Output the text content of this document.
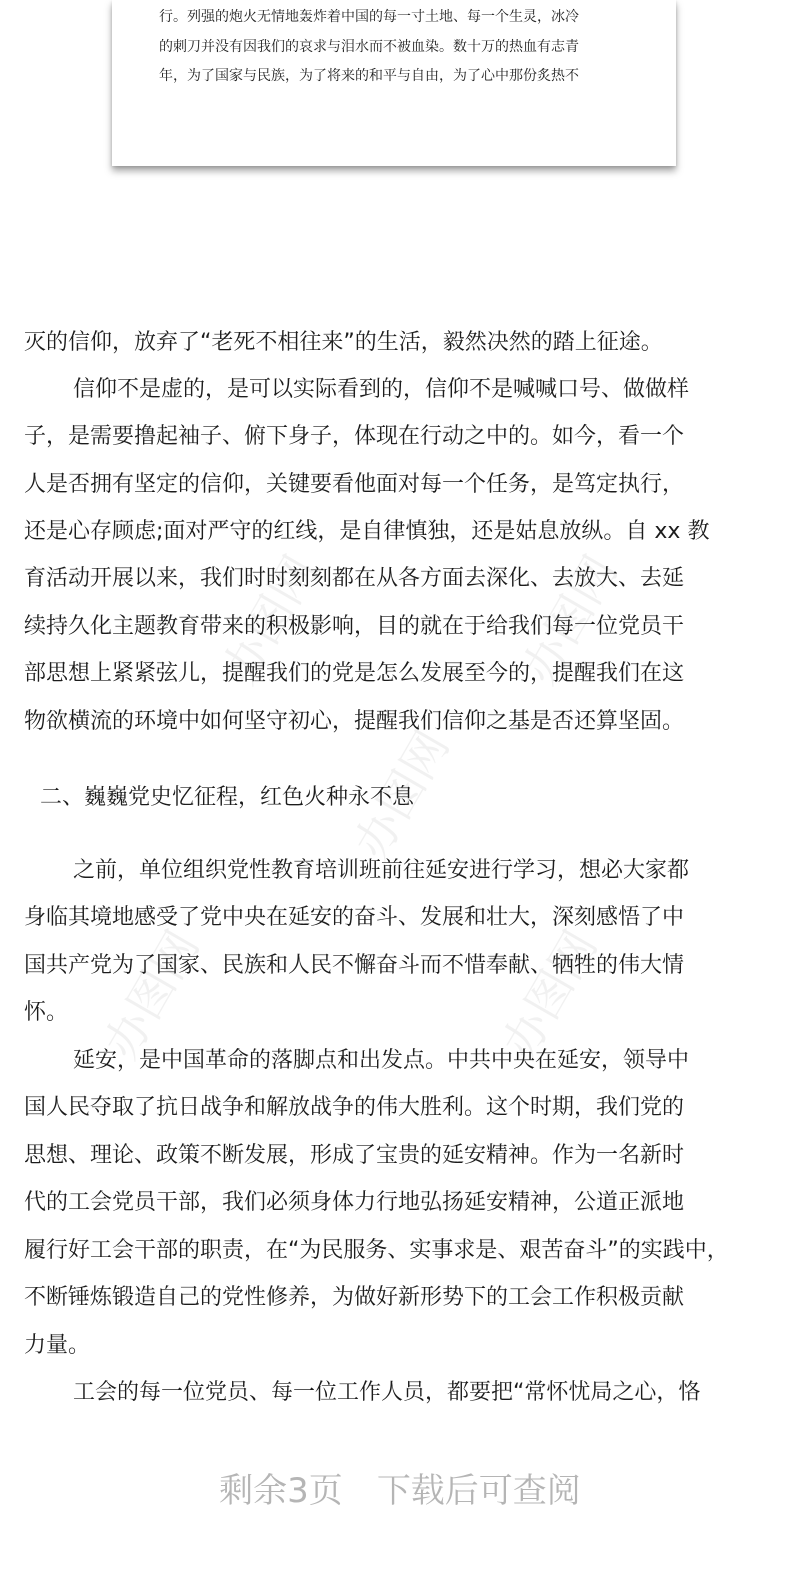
行。列强的炮火无情地轰炸着中国的每一寸土地、每一个生灵，冰冷
的刺刀并没有因我们的哀求与泪水而不被血染。数十万的热血有志青
年，为了国家与民族，为了将来的和平与自由，为了心中那份炙热不
办图网	办图网
办图网
办图网	办图网
灭的信仰，放弃了“老死不相往来”的生活，毅然决然的踏上征途。
信仰不是虚的，是可以实际看到的，信仰不是喊喊口号、做做样
子，是需要撸起袖子、俯下身子，体现在行动之中的。如今，看一个
人是否拥有坚定的信仰，关键要看他面对每一个任务，是笃定执行，
还是心存顾虑;面对严守的红线，是自律慎独，还是姑息放纵。自 xx 教
育活动开展以来，我们时时刻刻都在从各方面去深化、去放大、去延
续持久化主题教育带来的积极影响，目的就在于给我们每一位党员干
部思想上紧紧弦儿，提醒我们的党是怎么发展至今的，提醒我们在这
物欲横流的环境中如何坚守初心，提醒我们信仰之基是否还算坚固。
二、巍巍党史忆征程，红色火种永不息
之前，单位组织党性教育培训班前往延安进行学习，想必大家都
身临其境地感受了党中央在延安的奋斗、发展和壮大，深刻感悟了中
国共产党为了国家、民族和人民不懈奋斗而不惜奉献、牺牲的伟大情
怀。
延安，是中国革命的落脚点和出发点。中共中央在延安，领导中
国人民夺取了抗日战争和解放战争的伟大胜利。这个时期，我们党的
思想、理论、政策不断发展，形成了宝贵的延安精神。作为一名新时
代的工会党员干部，我们必须身体力行地弘扬延安精神，公道正派地
履行好工会干部的职责，在“为民服务、实事求是、艰苦奋斗”的实践中，
不断锤炼锻造自己的党性修养，为做好新形势下的工会工作积极贡献
力量。
工会的每一位党员、每一位工作人员，都要把“常怀忧局之心，恪
剩余3页 下载后可查阅
